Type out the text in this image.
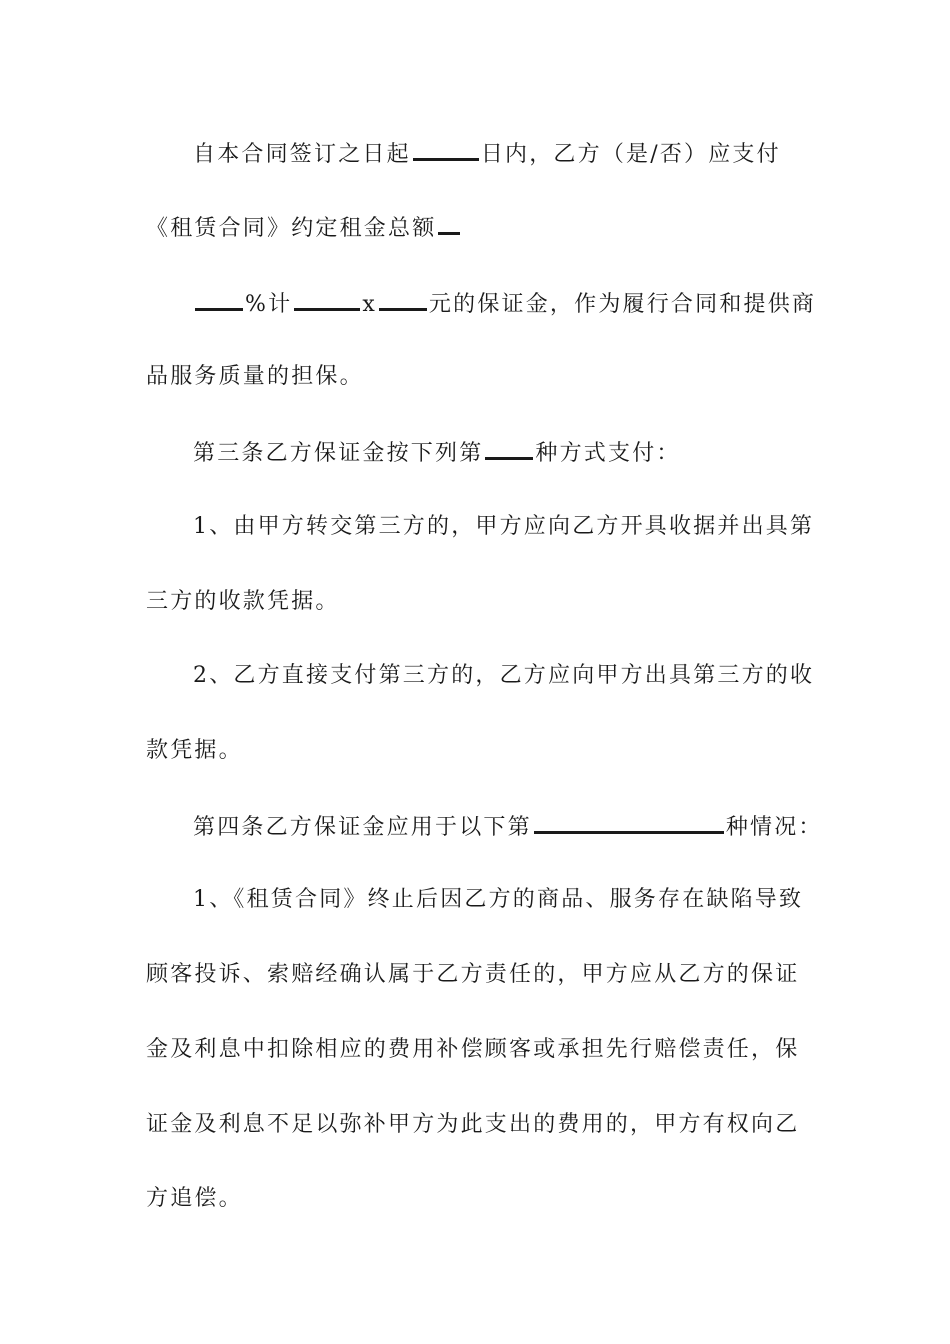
自本合同签订之日起	日内，乙方（是/否）应支付
《租赁合同》约定租金总额
%计	x 元的保证金，作为履行合同和提供商
品服务质量的担保。
第三条乙方保证金按下列第 种方式支付：
1、由甲方转交第三方的，甲方应向乙方开具收据并出具第
三方的收款凭据。
2、乙方直接支付第三方的，乙方应向甲方出具第三方的收
款凭据。
第四条乙方保证金应用于以下第	种情况：
1、《租赁合同》终止后因乙方的商品、服务存在缺陷导致
顾客投诉、索赔经确认属于乙方责任的，甲方应从乙方的保证
金及利息中扣除相应的费用补偿顾客或承担先行赔偿责任，保
证金及利息不足以弥补甲方为此支出的费用的，甲方有权向乙
方追偿。
